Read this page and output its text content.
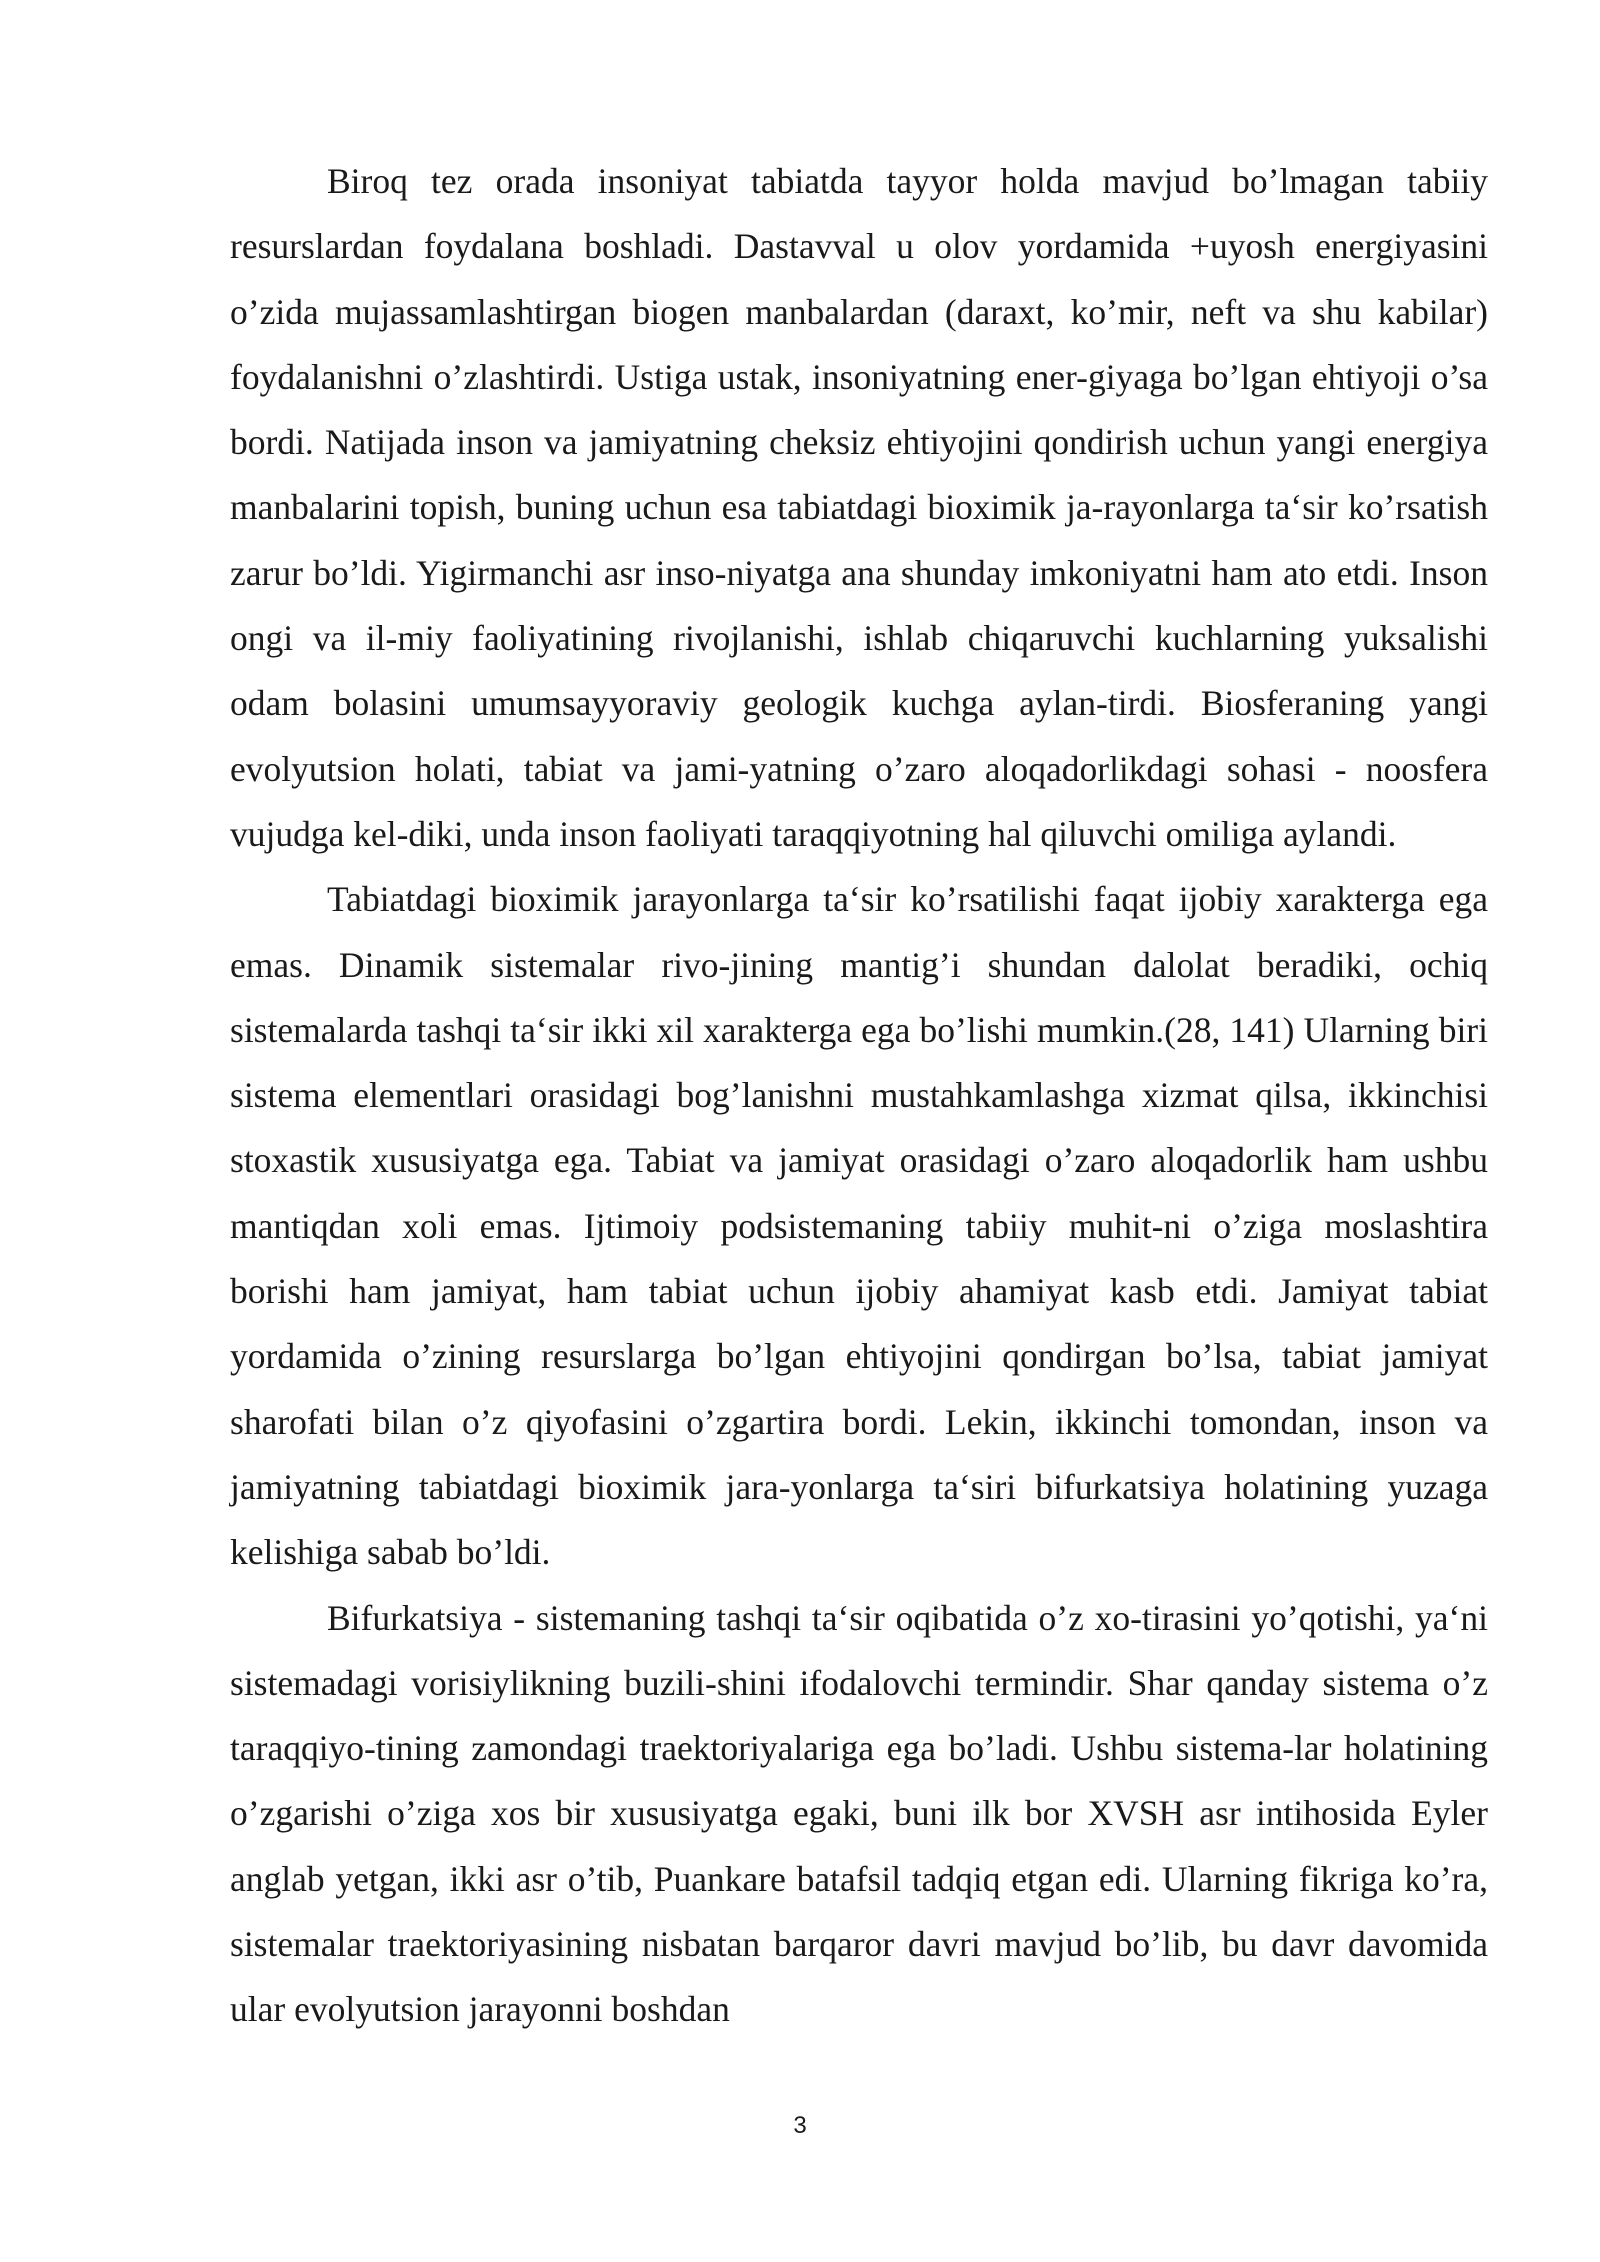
Biroq tez orada insoniyat tabiatda tayyor holda mavjud bo’lmagan tabiiy resurslardan foydalana boshladi. Dastavval u olov yordamida +uyosh energiyasini o’zida mujassamlashtirgan biogen manbalardan (daraxt, ko’mir, neft va shu kabilar) foydalanishni o’zlashtirdi. Ustiga ustak, insoniyatning ener-giyaga bo’lgan ehtiyoji o’sa bordi. Natijada inson va jamiyatning cheksiz ehtiyojini qondirish uchun yangi energiya manbalarini topish, buning uchun esa tabiatdagi bioximik ja-rayonlarga ta‘sir ko’rsatish zarur bo’ldi. Yigirmanchi asr inso-niyatga ana shunday imkoniyatni ham ato etdi. Inson ongi va il-miy faoliyatining rivojlanishi, ishlab chiqaruvchi kuchlarning yuksalishi odam bolasini umumsayyoraviy geologik kuchga aylan-tirdi. Biosferaning yangi evolyutsion holati, tabiat va jami-yatning o’zaro aloqadorlikdagi sohasi - noosfera vujudga kel-diki, unda inson faoliyati taraqqiyotning hal qiluvchi omiliga aylandi.

Tabiatdagi bioximik jarayonlarga ta‘sir ko’rsatilishi faqat ijobiy xarakterga ega emas. Dinamik sistemalar rivo-jining mantig’i shundan dalolat beradiki, ochiq sistemalarda tashqi ta‘sir ikki xil xarakterga ega bo’lishi mumkin.(28, 141) Ularning biri sistema elementlari orasidagi bog’lanishni mustahkamlashga xizmat qilsa, ikkinchisi stoxastik xususiyatga ega. Tabiat va jamiyat orasidagi o’zaro aloqadorlik ham ushbu mantiqdan xoli emas. Ijtimoiy podsistemaning tabiiy muhit-ni o’ziga moslashtira borishi ham jamiyat, ham tabiat uchun ijobiy ahamiyat kasb etdi. Jamiyat tabiat yordamida o’zining resurslarga bo’lgan ehtiyojini qondirgan bo’lsa, tabiat jamiyat sharofati bilan o’z qiyofasini o’zgartira bordi. Lekin, ikkinchi tomondan, inson va jamiyatning tabiatdagi bioximik jara-yonlarga ta‘siri bifurkatsiya holatining yuzaga kelishiga sabab bo’ldi.

Bifurkatsiya - sistemaning tashqi ta‘sir oqibatida o’z xo-tirasini yo’qotishi, ya‘ni sistemadagi vorisiylikning buzili-shini ifodalovchi termindir. Shar qanday sistema o’z taraqqiyo-tining zamondagi traektoriyalariga ega bo’ladi. Ushbu sistema-lar holatining o’zgarishi o’ziga xos bir xususiyatga egaki, buni ilk bor XVSH asr intihosida Eyler anglab yetgan, ikki asr o’tib, Puankare batafsil tadqiq etgan edi. Ularning fikriga ko’ra, sistemalar traektoriyasining nisbatan barqaror davri mavjud bo’lib, bu davr davomida ular evolyutsion jarayonni boshdan

3
